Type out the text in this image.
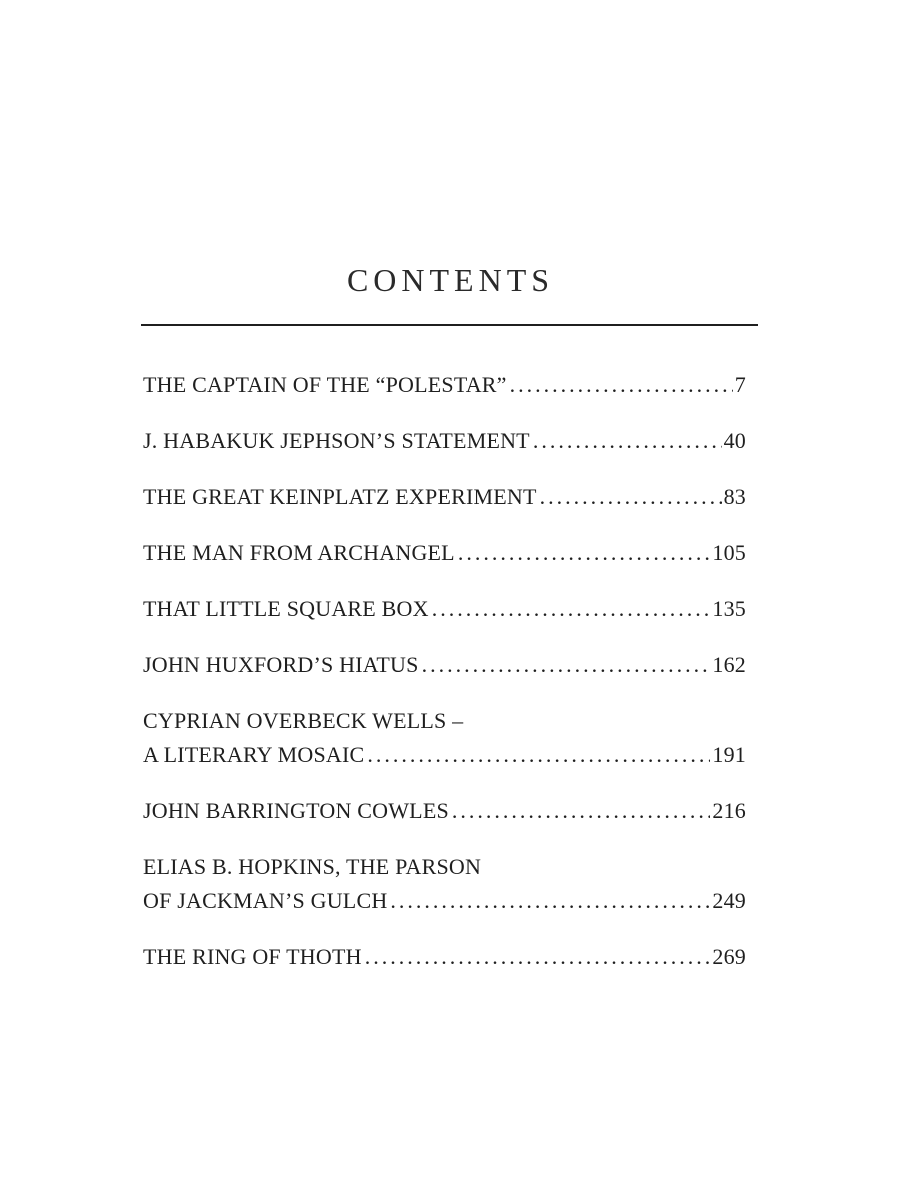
CONTENTS
THE CAPTAIN OF THE “POLESTAR” .....	7
J. HABAKUK JEPHSON’S STATEMENT .....	40
THE GREAT KEINPLATZ EXPERIMENT .....	83
THE MAN FROM ARCHANGEL .....	105
THAT LITTLE SQUARE BOX .....	135
JOHN HUXFORD’S HIATUS .....	162
CYPRIAN OVERBECK WELLS –
A LITERARY MOSAIC .....	191
JOHN BARRINGTON COWLES .....	216
ELIAS B. HOPKINS, THE PARSON
OF JACKMAN’S GULCH .....	249
THE RING OF THOTH .....	269
